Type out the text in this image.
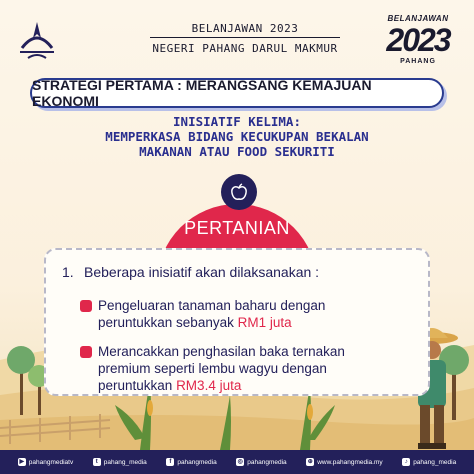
BELANJAWAN 2023
NEGERI PAHANG DARUL MAKMUR
BELANJAWAN
2023
PAHANG
STRATEGI PERTAMA : MERANGSANG KEMAJUAN EKONOMI
INISIATIF KELIMA:
MEMPERKASA BIDANG KECUKUPAN BEKALAN
MAKANAN ATAU FOOD SEKURITI
PERTANIAN
1. Beberapa inisiatif akan dilaksanakan :
Pengeluaran tanaman baharu dengan
peruntukkan sebanyak RM1 juta
Merancakkan penghasilan baka ternakan
premium seperti lembu wagyu dengan
peruntukkan RM3.4 juta
▶ pahangmediatv	t pahang_media	f pahangmedia	◎ pahangmedia	⊕ www.pahangmedia.my	♪ pahang_media
